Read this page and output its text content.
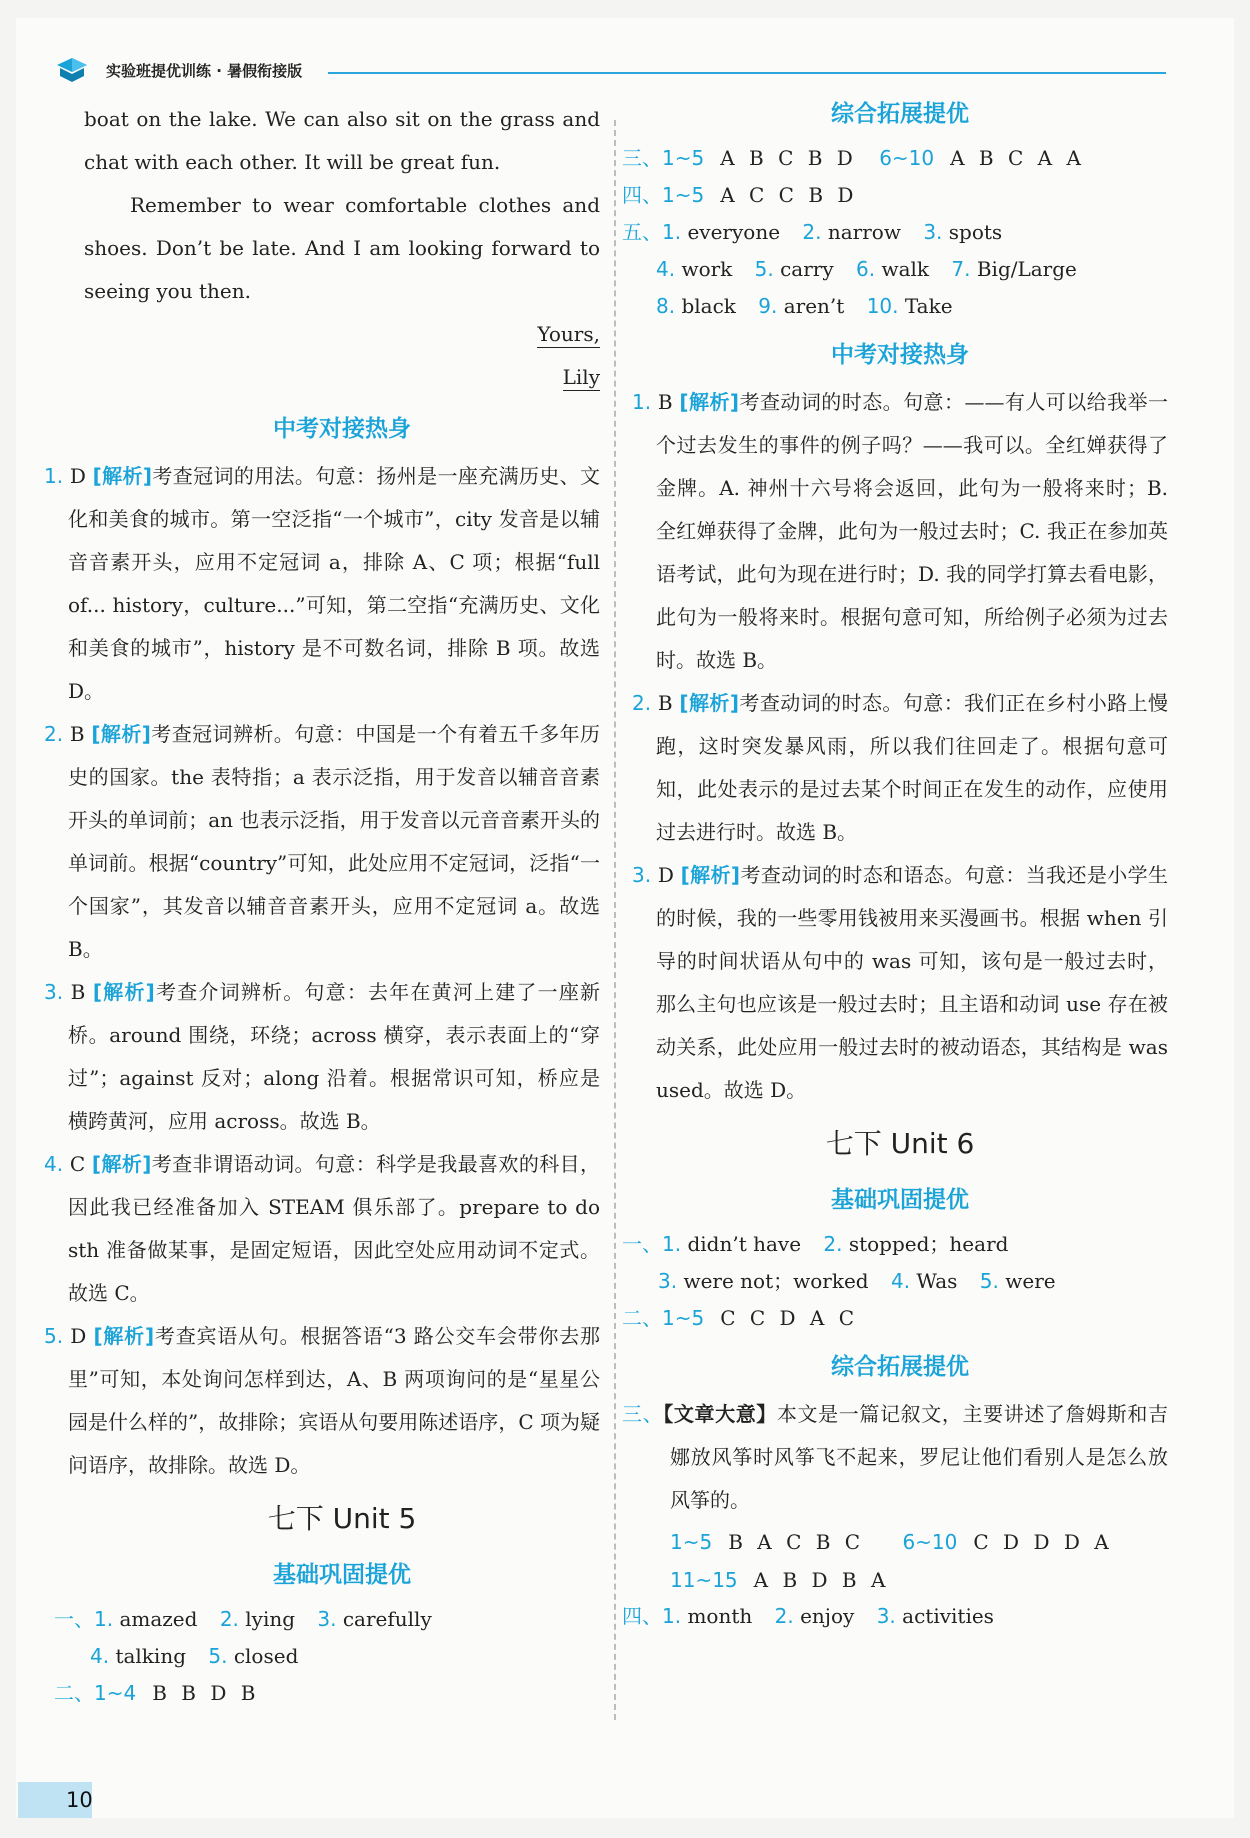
实验班提优训练 · 暑假衔接版

boat on the lake. We can also sit on the grass and chat with each other. It will be great fun.

Remember to wear comfortable clothes and shoes. Don’t be late. And I am looking forward to seeing you then.

Yours,

Lily

中考对接热身
1. D [解析]考查冠词的用法。句意：扬州是一座充满历史、文化和美食的城市。第一空泛指“一个城市”，city 发音是以辅音音素开头，应用不定冠词 a，排除 A、C 项；根据“full of... history，culture...”可知，第二空指“充满历史、文化和美食的城市”，history 是不可数名词，排除 B 项。故选 D。
2. B [解析]考查冠词辨析。句意：中国是一个有着五千多年历史的国家。the 表特指；a 表示泛指，用于发音以辅音音素开头的单词前；an 也表示泛指，用于发音以元音音素开头的单词前。根据“country”可知，此处应用不定冠词，泛指“一个国家”，其发音以辅音音素开头，应用不定冠词 a。故选 B。
3. B [解析]考查介词辨析。句意：去年在黄河上建了一座新桥。around 围绕，环绕；across 横穿，表示表面上的“穿过”；against 反对；along 沿着。根据常识可知，桥应是横跨黄河，应用 across。故选 B。
4. C [解析]考查非谓语动词。句意：科学是我最喜欢的科目，因此我已经准备加入 STEAM 俱乐部了。prepare to do sth 准备做某事，是固定短语，因此空处应用动词不定式。故选 C。
5. D [解析]考查宾语从句。根据答语“3 路公交车会带你去那里”可知，本处询问怎样到达，A、B 两项询问的是“星星公园是什么样的”，故排除；宾语从句要用陈述语序，C 项为疑问语序，故排除。故选 D。
七下 Unit 5
基础巩固提优
一、1. amazed 2. lying 3. carefully
4. talking 5. closed
二、1~4 B B D B
综合拓展提优
三、1~5 A B C B D 6~10 A B C A A
四、1~5 A C C B D
五、1. everyone 2. narrow 3. spots
4. work 5. carry 6. walk 7. Big/Large
8. black 9. aren’t 10. Take
中考对接热身
1. B [解析]考查动词的时态。句意：——有人可以给我举一个过去发生的事件的例子吗？——我可以。全红婵获得了金牌。A. 神州十六号将会返回，此句为一般将来时；B. 全红婵获得了金牌，此句为一般过去时；C. 我正在参加英语考试，此句为现在进行时；D. 我的同学打算去看电影，此句为一般将来时。根据句意可知，所给例子必须为过去时。故选 B。
2. B [解析]考查动词的时态。句意：我们正在乡村小路上慢跑，这时突发暴风雨，所以我们往回走了。根据句意可知，此处表示的是过去某个时间正在发生的动作，应使用过去进行时。故选 B。
3. D [解析]考查动词的时态和语态。句意：当我还是小学生的时候，我的一些零用钱被用来买漫画书。根据 when 引导的时间状语从句中的 was 可知，该句是一般过去时，那么主句也应该是一般过去时；且主语和动词 use 存在被动关系，此处应用一般过去时的被动语态，其结构是 was used。故选 D。
七下 Unit 6
基础巩固提优
一、1. didn’t have 2. stopped；heard
3. were not；worked 4. Was 5. were
二、1~5 C C D A C
综合拓展提优
三、【文章大意】本文是一篇记叙文，主要讲述了詹姆斯和吉娜放风筝时风筝飞不起来，罗尼让他们看别人是怎么放风筝的。
1~5 B A C B C 6~10 C D D D A
11~15 A B D B A
四、1. month 2. enjoy 3. activities
10
